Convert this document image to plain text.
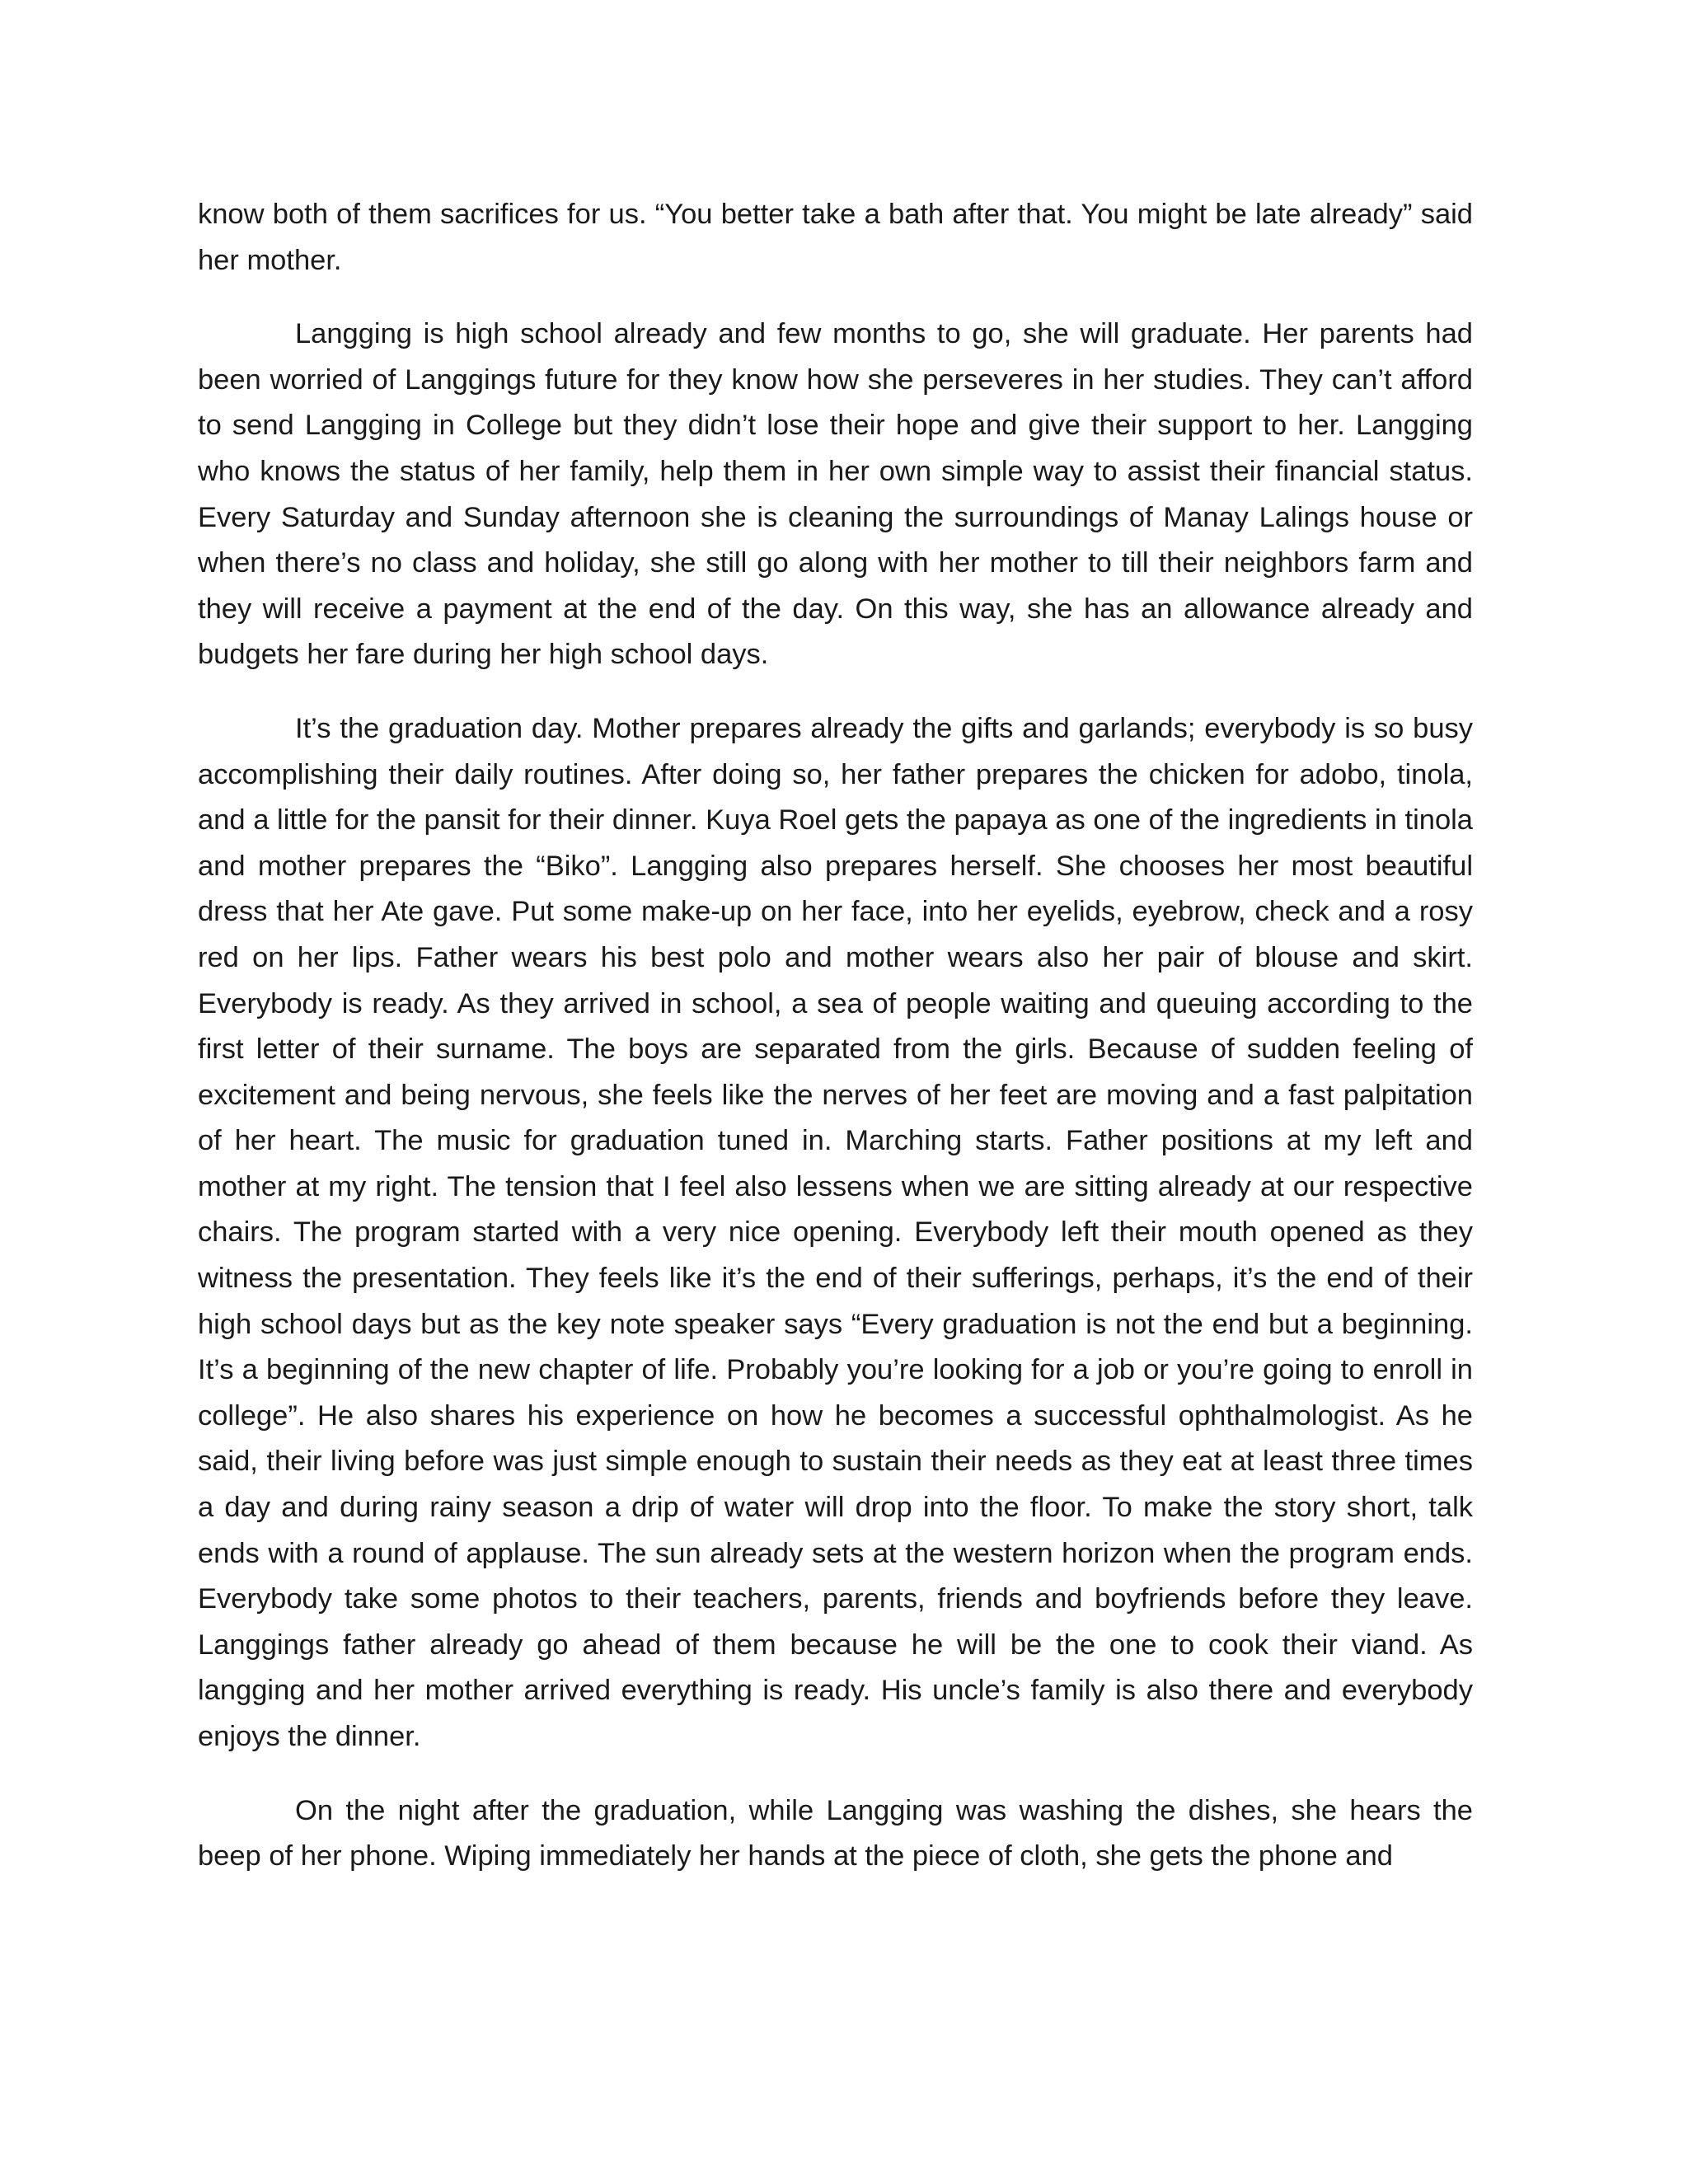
know both of them sacrifices for us. “You better take a bath after that. You might be late already” said her mother.

Langging is high school already and few months to go, she will graduate. Her parents had been worried of Langgings future for they know how she perseveres in her studies. They can’t afford to send Langging in College but they didn’t lose their hope and give their support to her. Langging who knows the status of her family, help them in her own simple way to assist their financial status. Every Saturday and Sunday afternoon she is cleaning the surroundings of Manay Lalings house or when there’s no class and holiday, she still go along with her mother to till their neighbors farm and they will receive a payment at the end of the day. On this way, she has an allowance already and budgets her fare during her high school days.

It’s the graduation day. Mother prepares already the gifts and garlands; everybody is so busy accomplishing their daily routines. After doing so, her father prepares the chicken for adobo, tinola, and a little for the pansit for their dinner. Kuya Roel gets the papaya as one of the ingredients in tinola and mother prepares the “Biko”. Langging also prepares herself. She chooses her most beautiful dress that her Ate gave. Put some make-up on her face, into her eyelids, eyebrow, check and a rosy red on her lips. Father wears his best polo and mother wears also her pair of blouse and skirt. Everybody is ready. As they arrived in school, a sea of people waiting and queuing according to the first letter of their surname. The boys are separated from the girls. Because of sudden feeling of excitement and being nervous, she feels like the nerves of her feet are moving and a fast palpitation of her heart. The music for graduation tuned in. Marching starts. Father positions at my left and mother at my right. The tension that I feel also lessens when we are sitting already at our respective chairs. The program started with a very nice opening. Everybody left their mouth opened as they witness the presentation. They feels like it’s the end of their sufferings, perhaps, it’s the end of their high school days but as the key note speaker says “Every graduation is not the end but a beginning. It’s a beginning of the new chapter of life. Probably you’re looking for a job or you’re going to enroll in college”. He also shares his experience on how he becomes a successful ophthalmologist. As he said, their living before was just simple enough to sustain their needs as they eat at least three times a day and during rainy season a drip of water will drop into the floor. To make the story short, talk ends with a round of applause. The sun already sets at the western horizon when the program ends. Everybody take some photos to their teachers, parents, friends and boyfriends before they leave. Langgings father already go ahead of them because he will be the one to cook their viand. As langging and her mother arrived everything is ready. His uncle’s family is also there and everybody enjoys the dinner.

On the night after the graduation, while Langging was washing the dishes, she hears the beep of her phone. Wiping immediately her hands at the piece of cloth, she gets the phone and
